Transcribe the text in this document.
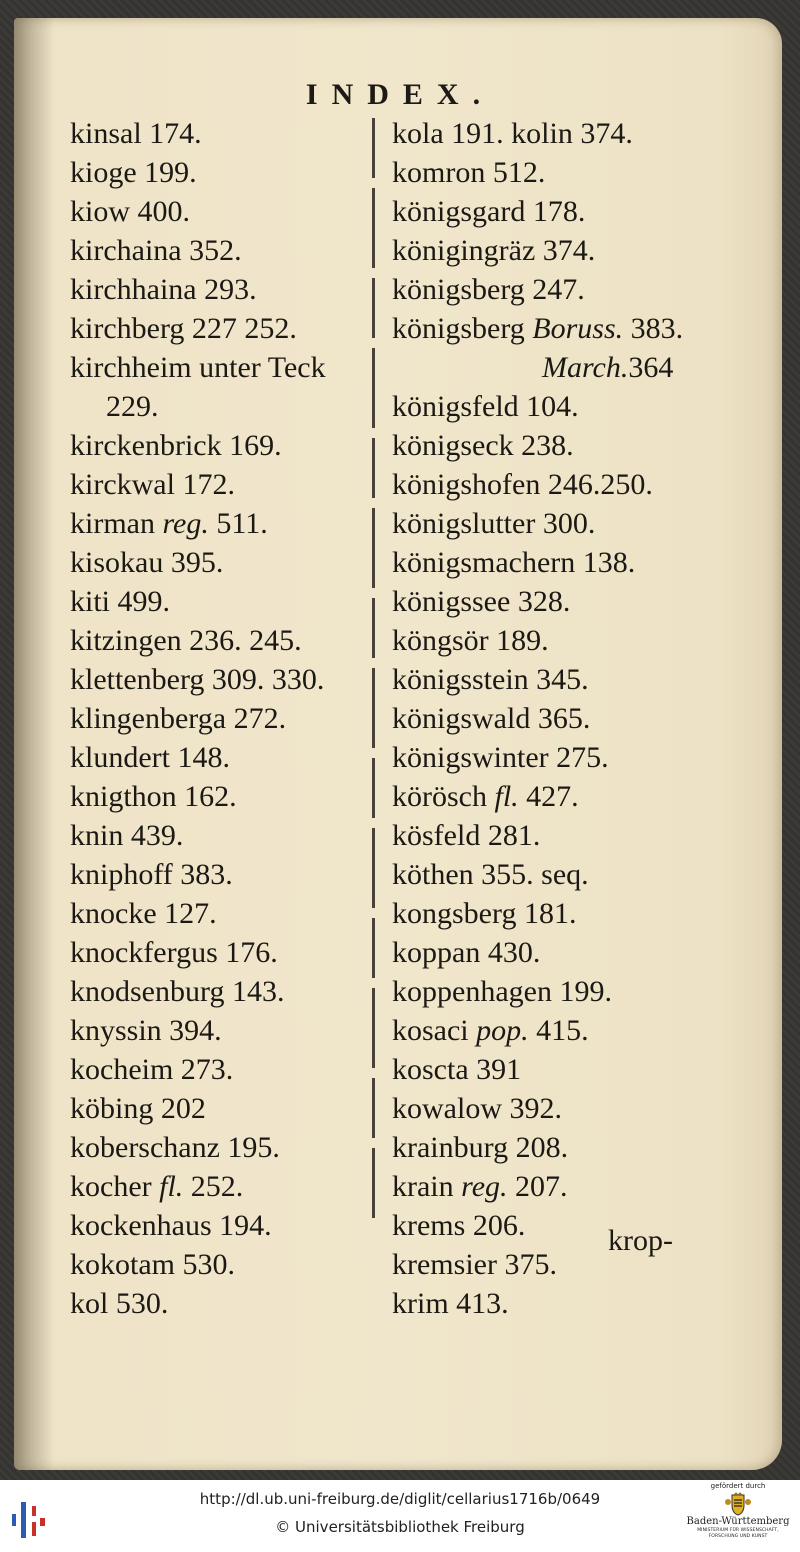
INDEX.
kinsal 174.
kioge 199.
kiow 400.
kirchaina 352.
kirchhaina 293.
kirchberg 227 252.
kirchheim unter Teck
229.
kirckenbrick 169.
kirckwal 172.
kirman reg. 511.
kisokau 395.
kiti 499.
kitzingen 236. 245.
klettenberg 309. 330.
klingenberga 272.
klundert 148.
knigthon 162.
knin 439.
kniphoff 383.
knocke 127.
knockfergus 176.
knodsenburg 143.
knyssin 394.
kocheim 273.
köbing 202
koberschanz 195.
kocher fl. 252.
kockenhaus 194.
kokotam 530.
kol 530.
kola 191. kolin 374.
komron 512.
königsgard 178.
königingräz 374.
königsberg 247.
königsberg Boruss. 383.
March.364
königsfeld 104.
königseck 238.
königshofen 246.250.
königslutter 300.
königsmachern 138.
königssee 328.
köngsör 189.
königsstein 345.
königswald 365.
königswinter 275.
körösch fl. 427.
kösfeld 281.
köthen 355. seq.
kongsberg 181.
koppan 430.
koppenhagen 199.
kosaci pop. 415.
koscta 391
kowalow 392.
krainburg 208.
krain reg. 207.
krems 206.
kremsier 375.
krim 413.
krop-
http://dl.ub.uni-freiburg.de/diglit/cellarius1716b/0649
© Universitätsbibliothek Freiburg
gefördert durch
Baden-Württemberg
MINISTERIUM FÜR WISSENSCHAFT, FORSCHUNG UND KUNST
